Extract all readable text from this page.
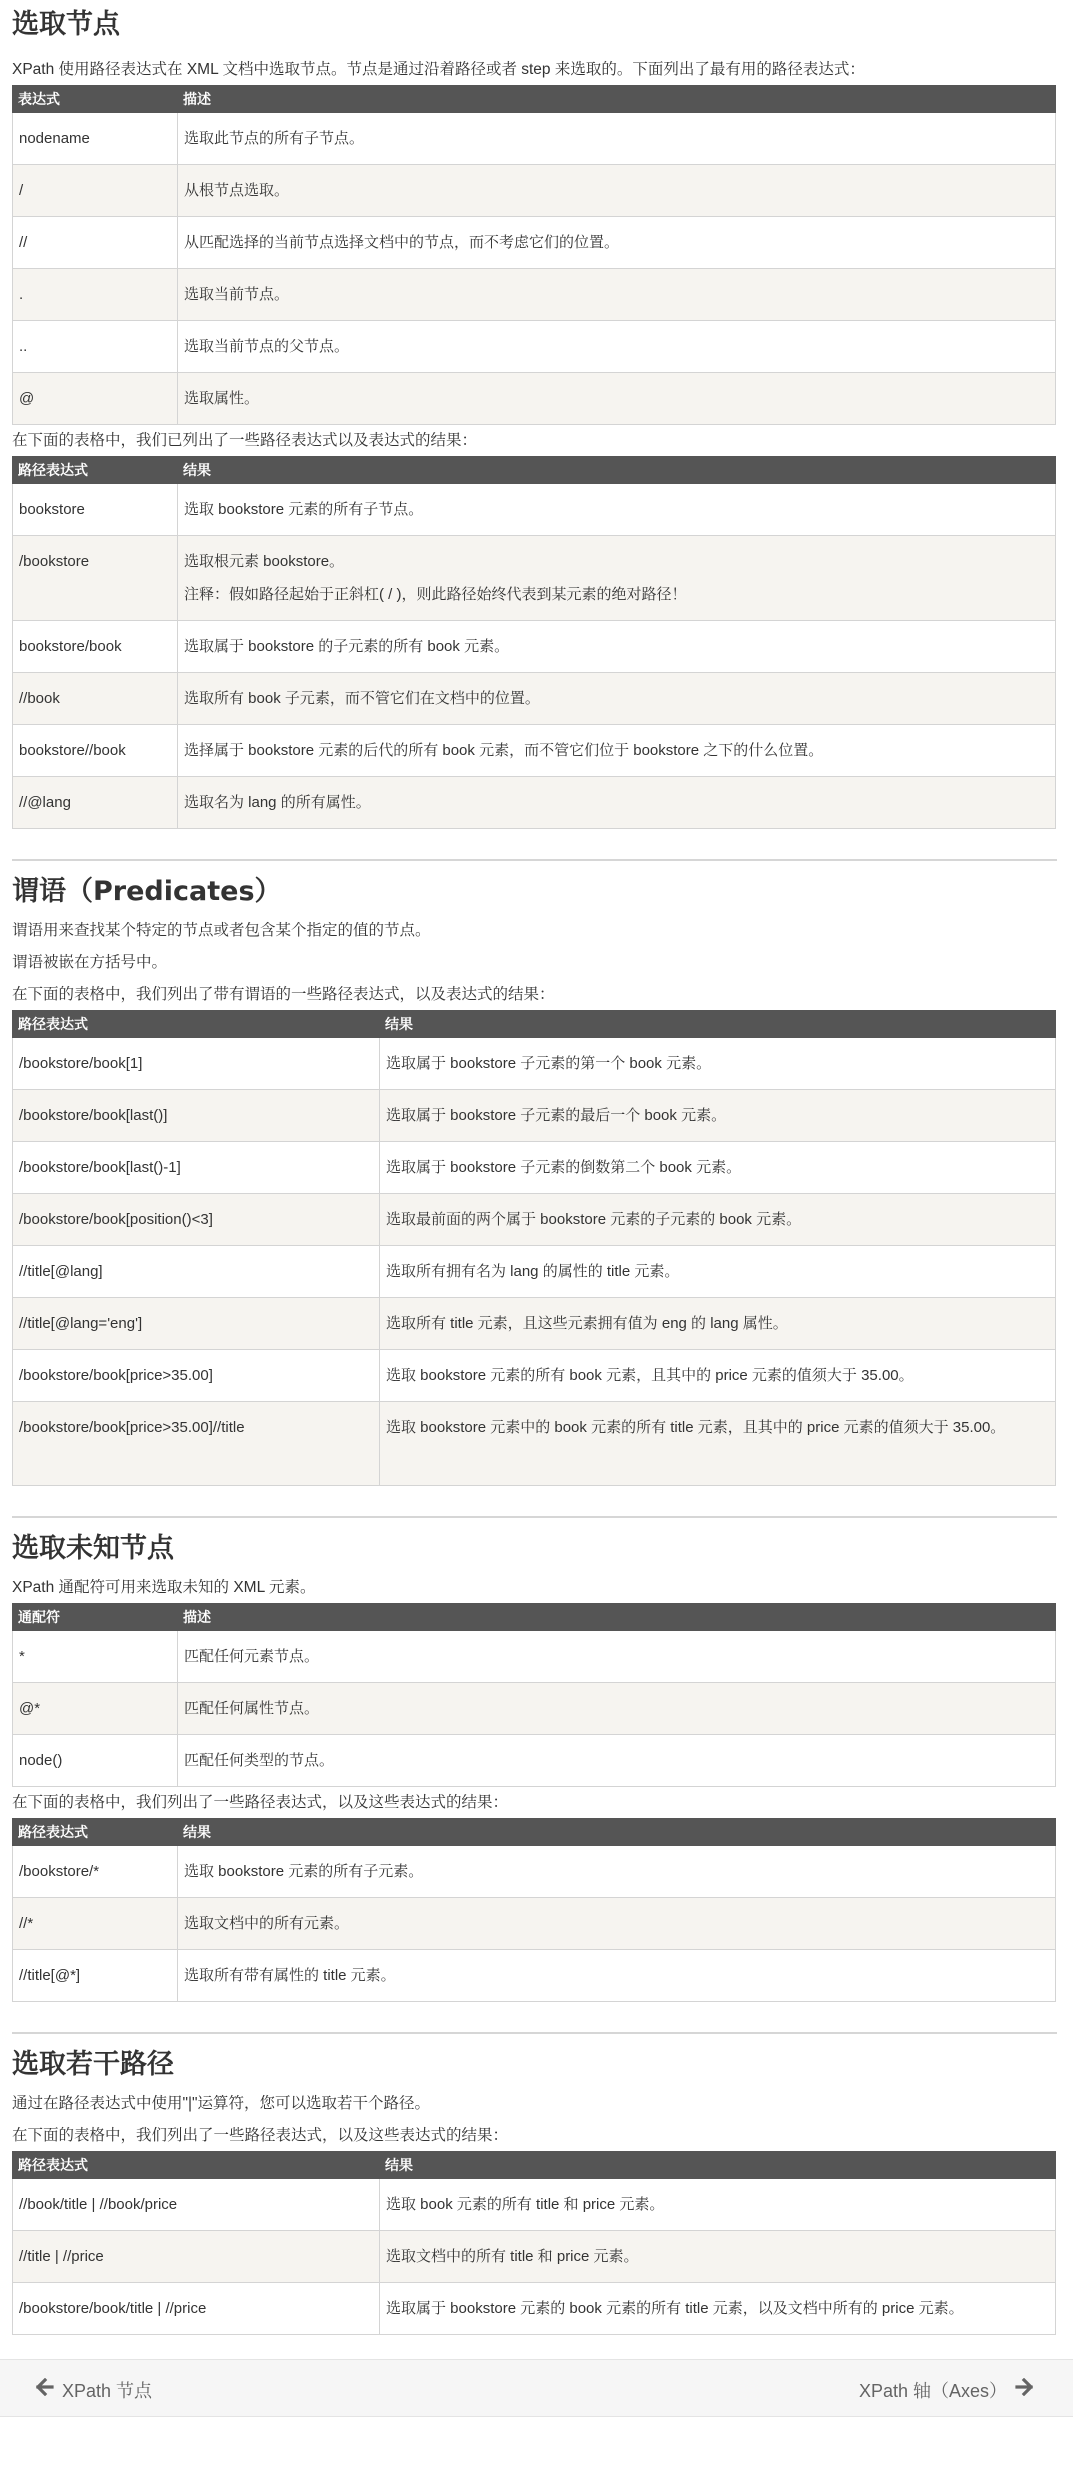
选取节点

XPath 使用路径表达式在 XML 文档中选取节点。节点是通过沿着路径或者 step 来选取的。下面列出了最有用的路径表达式：

表达式	描述
nodename	选取此节点的所有子节点。
/	从根节点选取。
//	从匹配选择的当前节点选择文档中的节点，而不考虑它们的位置。
.	选取当前节点。
..	选取当前节点的父节点。
@	选取属性。

在下面的表格中，我们已列出了一些路径表达式以及表达式的结果：

路径表达式	结果
bookstore	选取 bookstore 元素的所有子节点。
/bookstore	选取根元素 bookstore。

注释：假如路径起始于正斜杠( / )，则此路径始终代表到某元素的绝对路径！

bookstore/book	选取属于 bookstore 的子元素的所有 book 元素。
//book	选取所有 book 子元素，而不管它们在文档中的位置。
bookstore//book	选择属于 bookstore 元素的后代的所有 book 元素，而不管它们位于 bookstore 之下的什么位置。
//@lang	选取名为 lang 的所有属性。
谓语（Predicates）

谓语用来查找某个特定的节点或者包含某个指定的值的节点。

谓语被嵌在方括号中。

在下面的表格中，我们列出了带有谓语的一些路径表达式，以及表达式的结果：

路径表达式	结果
/bookstore/book[1]	选取属于 bookstore 子元素的第一个 book 元素。
/bookstore/book[last()]	选取属于 bookstore 子元素的最后一个 book 元素。
/bookstore/book[last()-1]	选取属于 bookstore 子元素的倒数第二个 book 元素。
/bookstore/book[position()<3]	选取最前面的两个属于 bookstore 元素的子元素的 book 元素。
//title[@lang]	选取所有拥有名为 lang 的属性的 title 元素。
//title[@lang='eng']	选取所有 title 元素，且这些元素拥有值为 eng 的 lang 属性。
/bookstore/book[price>35.00]	选取 bookstore 元素的所有 book 元素，且其中的 price 元素的值须大于 35.00。
/bookstore/book[price>35.00]//title	选取 bookstore 元素中的 book 元素的所有 title 元素，且其中的 price 元素的值须大于 35.00。
选取未知节点

XPath 通配符可用来选取未知的 XML 元素。

通配符	描述
*	匹配任何元素节点。
@*	匹配任何属性节点。
node()	匹配任何类型的节点。

在下面的表格中，我们列出了一些路径表达式，以及这些表达式的结果：

路径表达式	结果
/bookstore/*	选取 bookstore 元素的所有子元素。
//*	选取文档中的所有元素。
//title[@*]	选取所有带有属性的 title 元素。
选取若干路径

通过在路径表达式中使用"|"运算符，您可以选取若干个路径。

在下面的表格中，我们列出了一些路径表达式，以及这些表达式的结果：

路径表达式	结果
//book/title | //book/price	选取 book 元素的所有 title 和 price 元素。
//title | //price	选取文档中的所有 title 和 price 元素。
/bookstore/book/title | //price	选取属于 bookstore 元素的 book 元素的所有 title 元素，以及文档中所有的 price 元素。
XPath 节点	XPath 轴（Axes）
